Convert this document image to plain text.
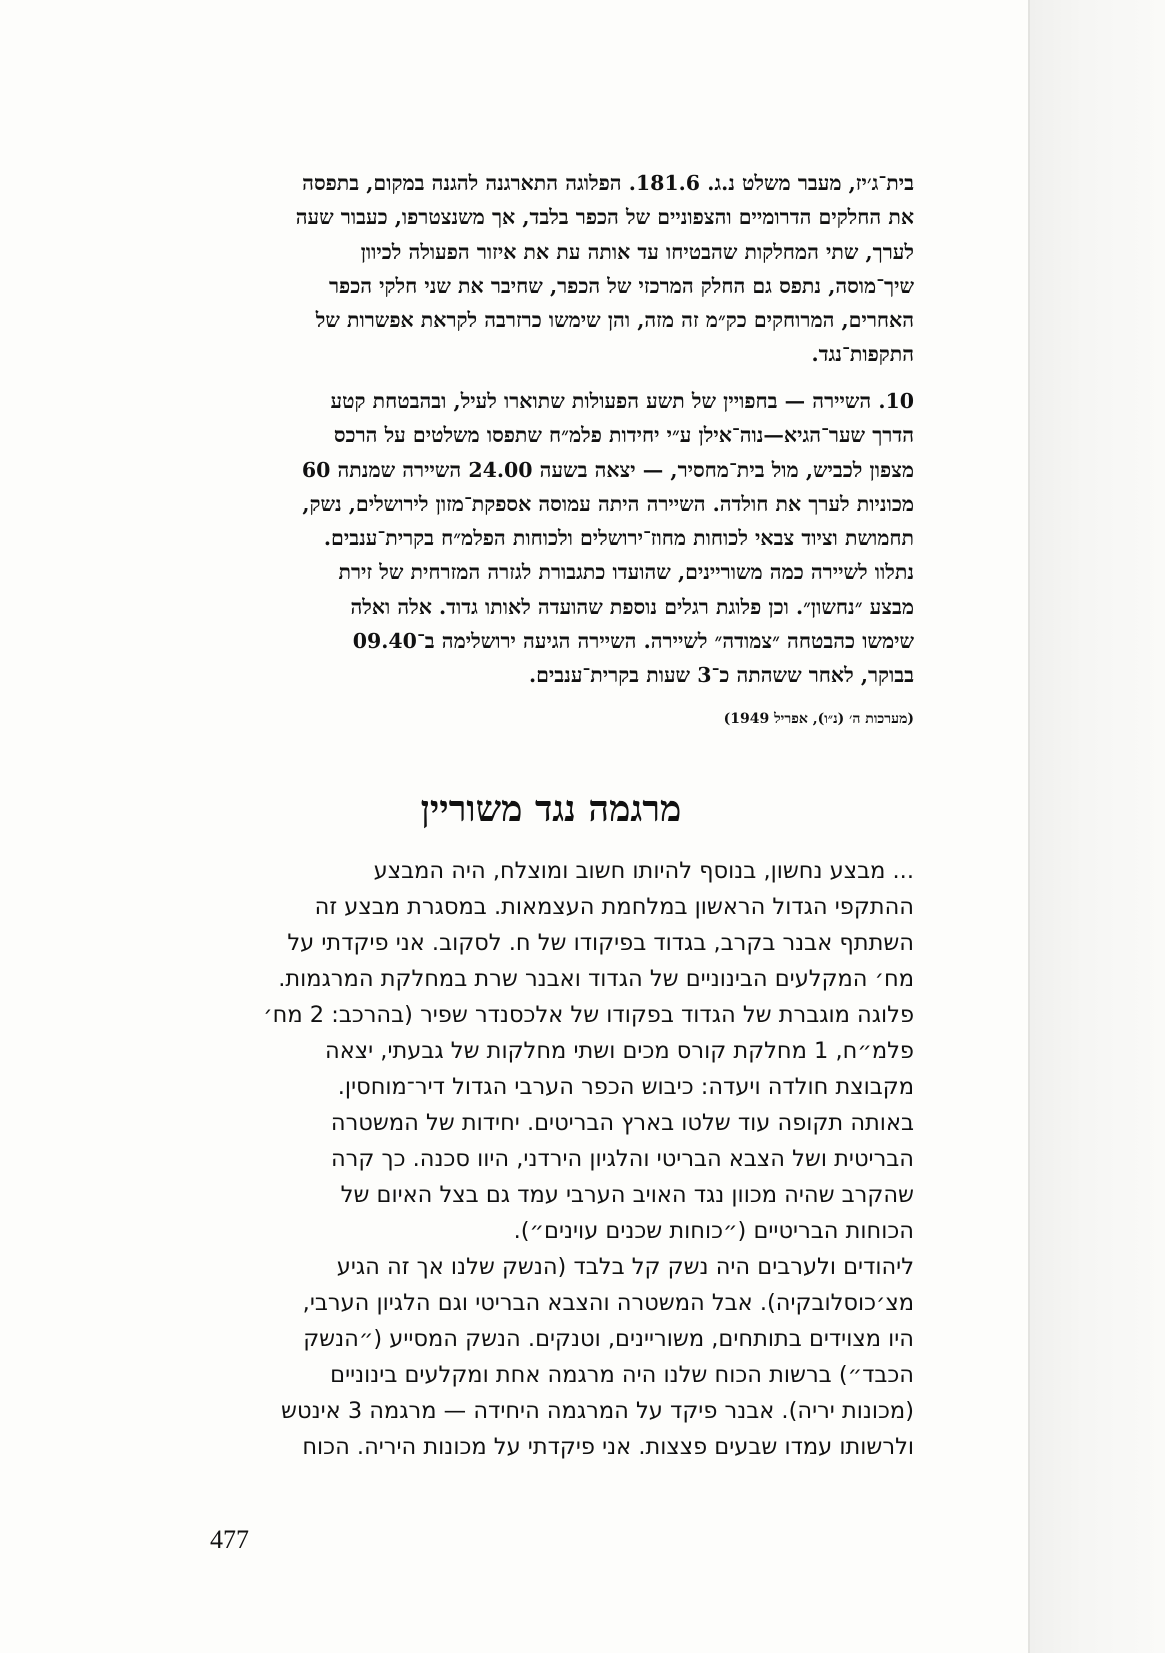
בית־ג׳יז, מעבר משלט נ.ג. 181.6. הפלוגה התארגנה להגנה במקום, בתפסה
את החלקים הדרומיים והצפוניים של הכפר בלבד, אך משנצטרפו, כעבור שעה
לערך, שתי המחלקות שהבטיחו עד אותה עת את איזור הפעולה לכיוון
שיך־מוסה, נתפס גם החלק המרכזי של הכפר, שחיבר את שני חלקי הכפר
האחרים, המרוחקים כק״מ זה מזה, והן שימשו כרזרבה לקראת אפשרות של
התקפות־נגד.
10. השיירה — בחפויין של תשע הפעולות שתוארו לעיל, ובהבטחת קטע
הדרך שער־הגיא—נוה־אילן ע״י יחידות פלמ״ח שתפסו משלטים על הרכס
מצפון לכביש, מול בית־מחסיר, — יצאה בשעה 24.00 השיירה שמנתה 60
מכוניות לערך את חולדה. השיירה היתה עמוסה אספקת־מזון לירושלים, נשק,
תחמושת וציוד צבאי לכוחות מחוז־ירושלים ולכוחות הפלמ״ח בקרית־ענבים.
נתלוו לשיירה כמה משוריינים, שהועדו כתגבורת לגזרה המזרחית של זירת
מבצע ״נחשון״. וכן פלוגת רגלים נוספת שהועדה לאותו גדוד. אלה ואלה
שימשו כהבטחה ״צמודה״ לשיירה. השיירה הגיעה ירושלימה ב־09.40
בבוקר, לאחר ששהתה כ־3 שעות בקרית־ענבים.
(מערכות ה׳ (נ״ו), אפריל 1949)
מרגמה נגד משוריין
... מבצע נחשון, בנוסף להיותו חשוב ומוצלח, היה המבצע
ההתקפי הגדול הראשון במלחמת העצמאות. במסגרת מבצע זה
השתתף אבנר בקרב, בגדוד בפיקודו של ח. לסקוב. אני פיקדתי על
מח׳ המקלעים הבינוניים של הגדוד ואבנר שרת במחלקת המרגמות.
פלוגה מוגברת של הגדוד בפקודו של אלכסנדר שפיר (בהרכב: 2 מח׳
פלמ״ח, 1 מחלקת קורס מכים ושתי מחלקות של גבעתי, יצאה
מקבוצת חולדה ויעדה: כיבוש הכפר הערבי הגדול דיר־מוחסין.
באותה תקופה עוד שלטו בארץ הבריטים. יחידות של המשטרה
הבריטית ושל הצבא הבריטי והלגיון הירדני, היוו סכנה. כך קרה
שהקרב שהיה מכוון נגד האויב הערבי עמד גם בצל האיום של
הכוחות הבריטיים (״כוחות שכנים עוינים״).
ליהודים ולערבים היה נשק קל בלבד (הנשק שלנו אך זה הגיע
מצ׳כוסלובקיה). אבל המשטרה והצבא הבריטי וגם הלגיון הערבי,
היו מצוידים בתותחים, משוריינים, וטנקים. הנשק המסייע (״הנשק
הכבד״) ברשות הכוח שלנו היה מרגמה אחת ומקלעים בינוניים
(מכונות יריה). אבנר פיקד על המרגמה היחידה — מרגמה 3 אינטש
ולרשותו עמדו שבעים פצצות. אני פיקדתי על מכונות היריה. הכוח
477
